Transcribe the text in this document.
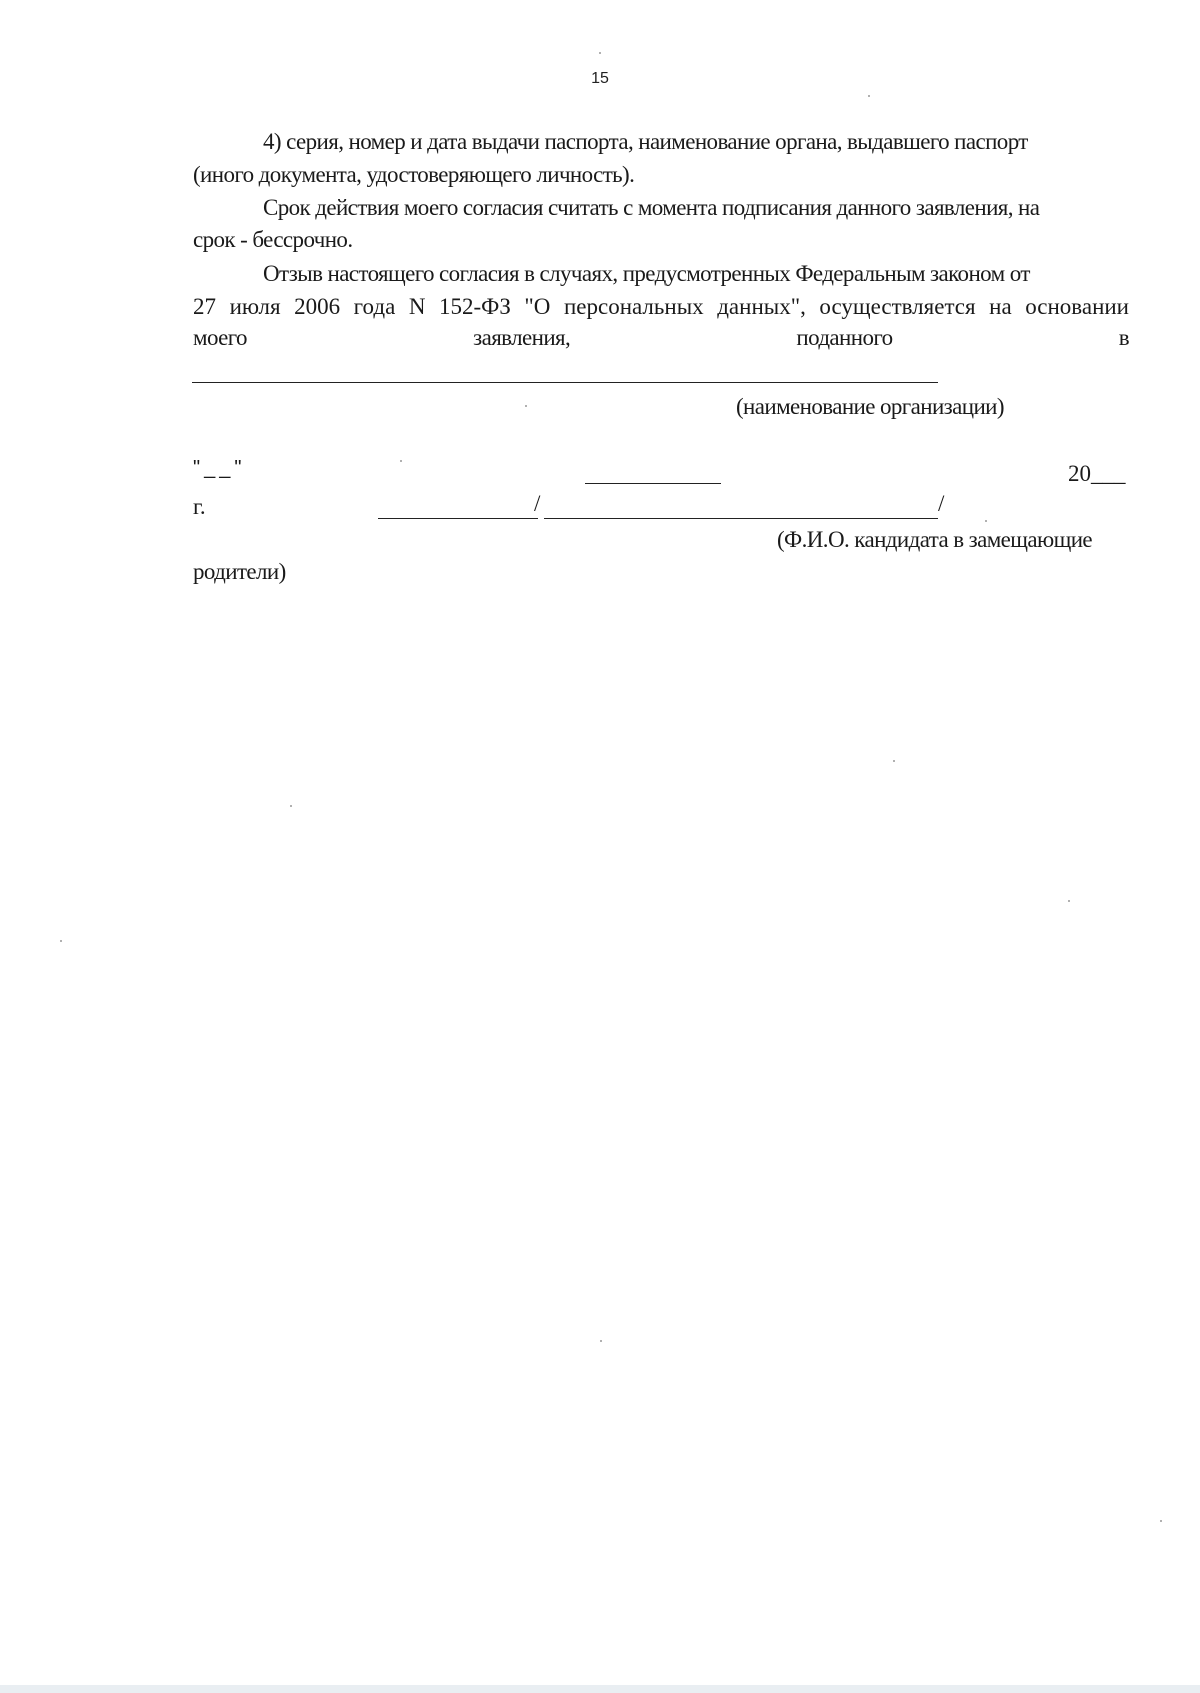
15
4) серия, номер и дата выдачи паспорта, наименование органа, выдавшего паспорт
(иного документа, удостоверяющего личность).
Срок действия моего согласия считать с момента подписания данного заявления, на
срок - бессрочно.
Отзыв настоящего согласия в случаях, предусмотренных Федеральным законом от
27 июля 2006 года N 152-ФЗ "О персональных данных", осуществляется на основании
моего	заявления,	поданного	в
(наименование организации)
"__"	20___
г.	/	/
(Ф.И.О. кандидата в замещающие
родители)
